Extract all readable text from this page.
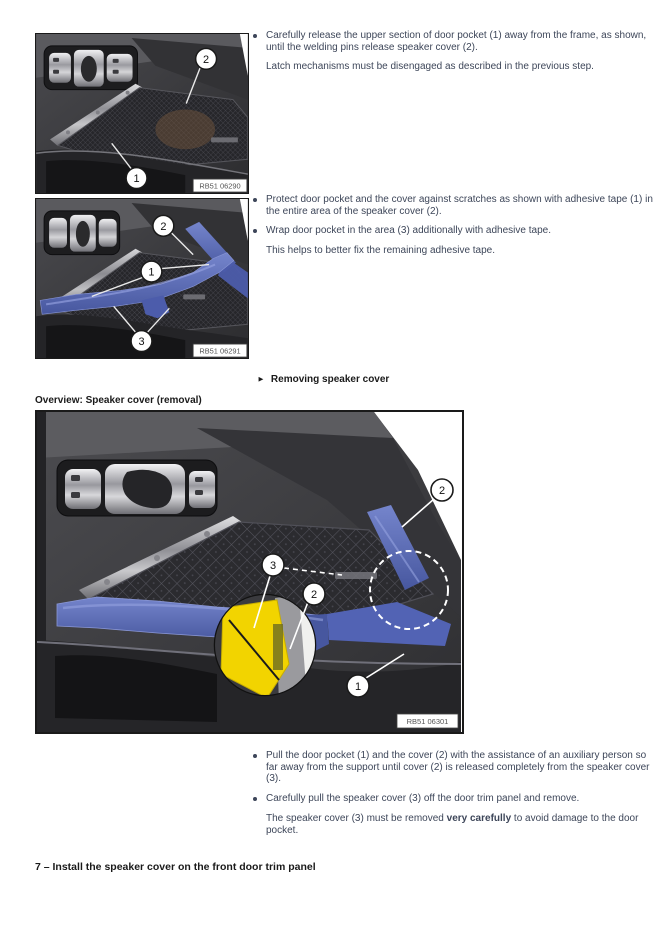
2
1
RB51 06290
2
1
3
RB51 06291
Carefully release the upper section of door pocket (1) away from the frame, as shown, until the welding pins release speaker cover (2).

Latch mechanisms must be disengaged as described in the previous step.

Protect door pocket and the cover against scratches as shown with adhesive tape (1) in the entire area of the speaker cover (2).
Wrap door pocket in the area (3) additionally with adhesive tape.

This helps to better fix the remaining adhesive tape.

► Removing speaker cover
Overview: Speaker cover (removal)
2
3
2
1
RB51 06301
Pull the door pocket (1) and the cover (2) with the assistance of an auxiliary person so far away from the support until cover (2) is released completely from the speaker cover (3).
Carefully pull the speaker cover (3) off the door trim panel and remove.

The speaker cover (3) must be removed very carefully to avoid damage to the door pocket.

7 – Install the speaker cover on the front door trim panel
